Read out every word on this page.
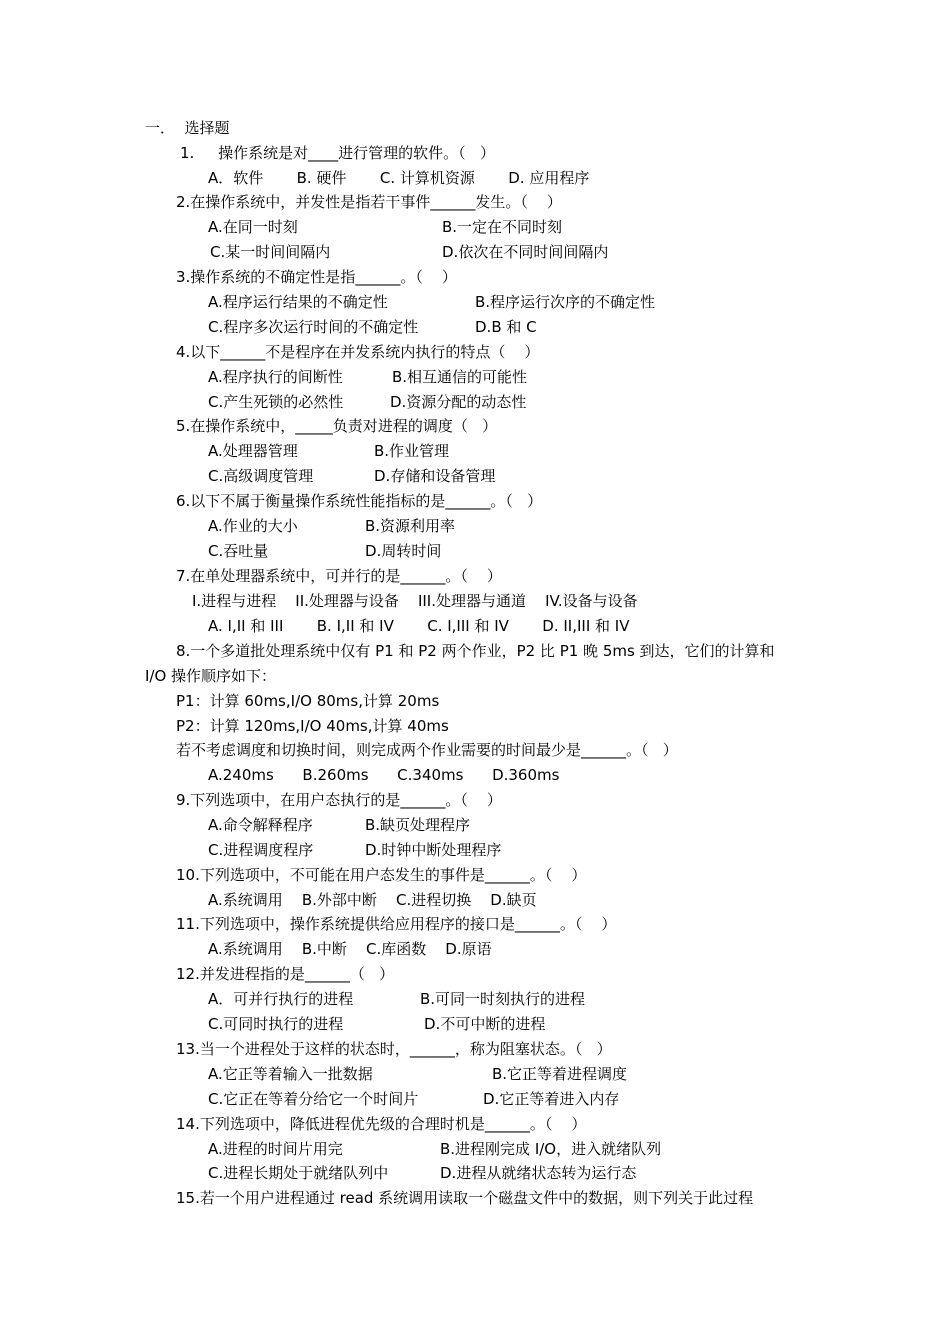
一．  选择题
1.     操作系统是对____进行管理的软件。（   ）
A．软件       B. 硬件       C. 计算机资源       D. 应用程序
2.在操作系统中，并发性是指若干事件______发生。（    ）
A.在同一时刻	B.一定在不同时刻
C.某一时间间隔内	D.依次在不同时间间隔内
3.操作系统的不确定性是指______。（    ）
A.程序运行结果的不确定性	B.程序运行次序的不确定性
C.程序多次运行时间的不确定性	D.B 和 C
4.以下______不是程序在并发系统内执行的特点（    ）
A.程序执行的间断性	B.相互通信的可能性
C.产生死锁的必然性	D.资源分配的动态性
5.在操作系统中，_____负责对进程的调度（   ）
A.处理器管理	B.作业管理
C.高级调度管理	D.存储和设备管理
6.以下不属于衡量操作系统性能指标的是______。（   ）
A.作业的大小	B.资源利用率
C.吞吐量	D.周转时间
7.在单处理器系统中，可并行的是______。（    ）
I.进程与进程    II.处理器与设备    III.处理器与通道    IV.设备与设备
A. I,II 和 III       B. I,II 和 IV       C. I,III 和 IV       D. II,III 和 IV
8.一个多道批处理系统中仅有 P1 和 P2 两个作业，P2 比 P1 晚 5ms 到达，它们的计算和
I/O 操作顺序如下：
P1：计算 60ms,I/O 80ms,计算 20ms
P2：计算 120ms,I/O 40ms,计算 40ms
若不考虑调度和切换时间，则完成两个作业需要的时间最少是______。（   ）
A.240ms      B.260ms      C.340ms      D.360ms
9.下列选项中，在用户态执行的是______。（    ）
A.命令解释程序	B.缺页处理程序
C.进程调度程序	D.时钟中断处理程序
10.下列选项中，不可能在用户态发生的事件是______。（    ）
A.系统调用    B.外部中断    C.进程切换    D.缺页
11.下列选项中，操作系统提供给应用程序的接口是______。（    ）
A.系统调用    B.中断    C.库函数    D.原语
12.并发进程指的是______（   ）
A．可并行执行的进程	B.可同一时刻执行的进程
C.可同时执行的进程	D.不可中断的进程
13.当一个进程处于这样的状态时，______，称为阻塞状态。（   ）
A.它正等着输入一批数据	B.它正等着进程调度
C.它正在等着分给它一个时间片	D.它正等着进入内存
14.下列选项中，降低进程优先级的合理时机是______。（    ）
A.进程的时间片用完	B.进程刚完成 I/O，进入就绪队列
C.进程长期处于就绪队列中	D.进程从就绪状态转为运行态
15.若一个用户进程通过 read 系统调用读取一个磁盘文件中的数据，则下列关于此过程
